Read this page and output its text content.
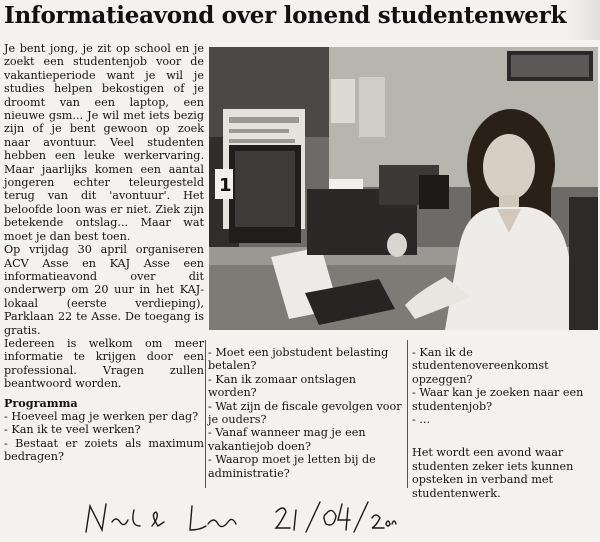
Informatieavond over lonend studentenwerk

Je bent jong, je zit op school en je zoekt een studentenjob voor de vakantieperiode want je wil je studies helpen bekostigen of je droomt van een laptop, een nieuwe gsm... Je wil met iets bezig zijn of je bent gewoon op zoek naar avontuur. Veel studenten hebben een leuke werkervaring. Maar jaarlijks komen een aantal jongeren echter teleurgesteld terug van dit 'avontuur'. Het beloofde loon was er niet. Ziek zijn betekende ontslag... Maar wat moet je dan best toen.

Op vrijdag 30 april organiseren ACV Asse en KAJ Asse een informatieavond over dit onderwerp om 20 uur in het KAJ-lokaal (eerste verdieping), Parklaan 22 te Asse. De toegang is gratis.

Iedereen is welkom om meer informatie te krijgen door een professional. Vragen zullen beantwoord worden.

Programma

- Hoeveel mag je werken per dag?

- Kan ik te veel werken?

- Bestaat er zoiets als maximum bedragen?

1

- Moet een jobstudent belasting betalen?

- Kan ik zomaar ontslagen worden?

- Wat zijn de fiscale gevolgen voor je ouders?

- Vanaf wanneer mag je een vakantiejob doen?

- Waarop moet je letten bij de administratie?

- Kan ik de studentenovereenkomst opzeggen?

- Waar kan je zoeken naar een studentenjob?

- ...

Het wordt een avond waar studenten zeker iets kunnen opsteken in verband met studentenwerk.
